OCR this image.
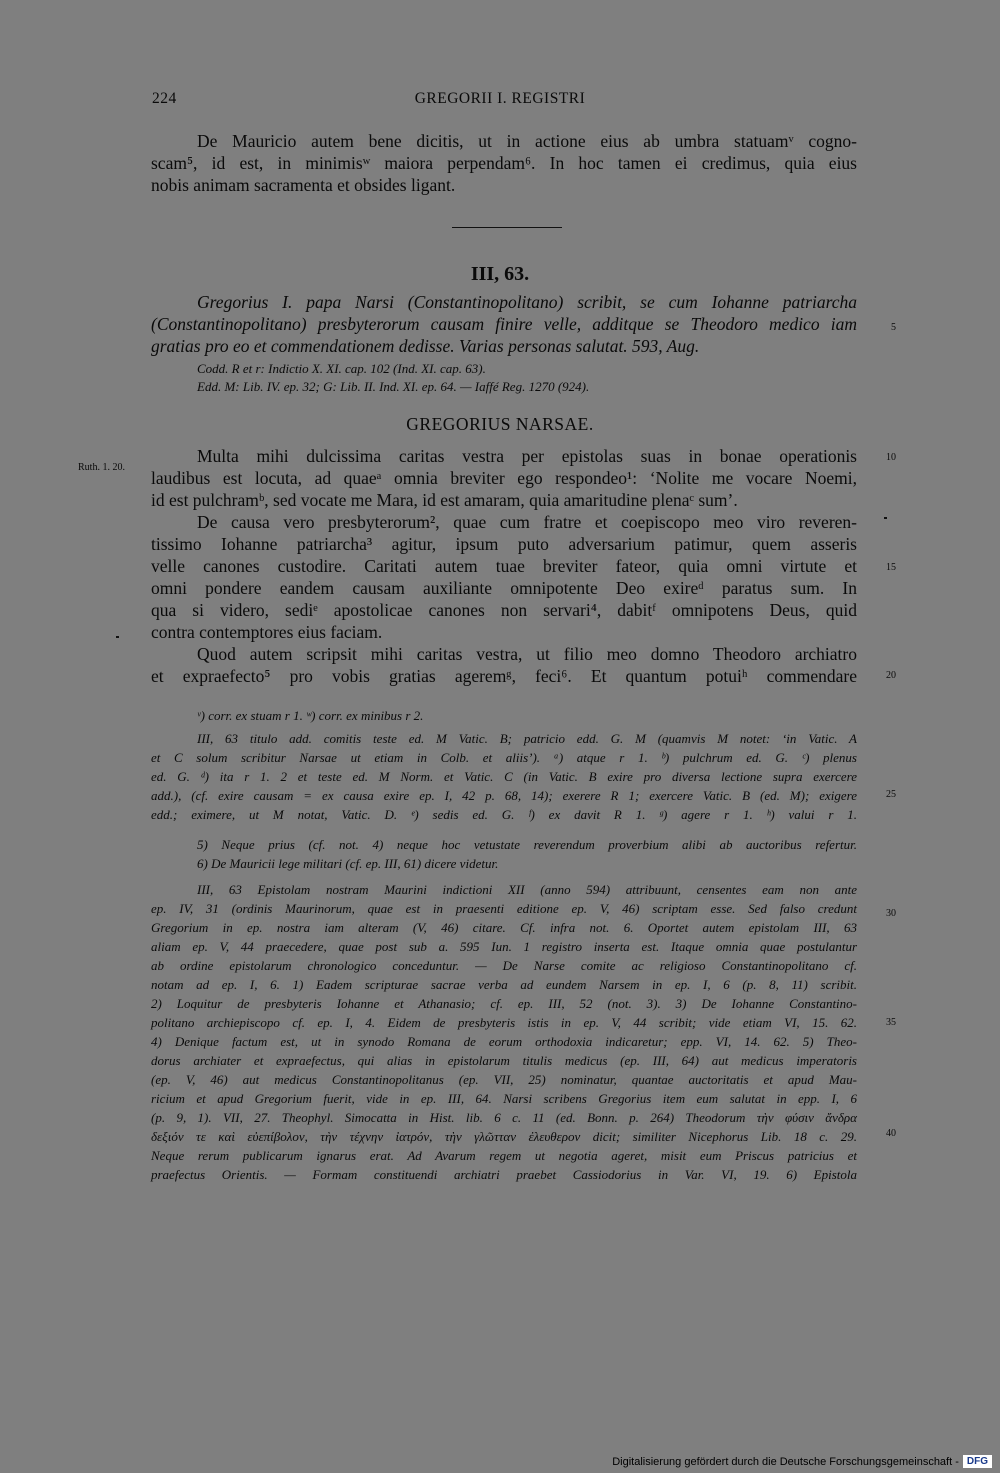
224	GREGORII I. REGISTRI
De Mauricio autem bene dicitis, ut in actione eius ab umbra statuamᵛ cogno-
scam⁵, id est, in minimisʷ maiora perpendam⁶. In hoc tamen ei credimus, quia eius
nobis animam sacramenta et obsides ligant.
III, 63.
Gregorius I. papa Narsi (Constantinopolitano) scribit, se cum Iohanne patriarcha
(Constantinopolitano) presbyterorum causam finire velle, additque se Theodoro medico iam
gratias pro eo et commendationem dedisse. Varias personas salutat. 593, Aug.
5
Codd. R et r: Indictio X. XI. cap. 102 (Ind. XI. cap. 63).
Edd. M: Lib. IV. ep. 32; G: Lib. II. Ind. XI. ep. 64. — Iaffé Reg. 1270 (924).
GREGORIUS NARSAE.
Multa mihi dulcissima caritas vestra per epistolas suas in bonae operationis
laudibus est locuta, ad quaeᵃ omnia breviter ego respondeo¹: ‘Nolite me vocare Noemi,
id est pulchramᵇ, sed vocate me Mara, id est amaram, quia amaritudine plenaᶜ sum’.
De causa vero presbyterorum², quae cum fratre et coepiscopo meo viro reveren-
tissimo Iohanne patriarcha³ agitur, ipsum puto adversarium patimur, quem asseris
velle canones custodire. Caritati autem tuae breviter fateor, quia omni virtute et
omni pondere eandem causam auxiliante omnipotente Deo exireᵈ paratus sum. In
qua si videro, sediᵉ apostolicae canones non servari⁴, dabitᶠ omnipotens Deus, quid
contra contemptores eius faciam.
Quod autem scripsit mihi caritas vestra, ut filio meo domno Theodoro archiatro
et expraefecto⁵ pro vobis gratias ageremᵍ, feci⁶. Et quantum potuiʰ commendare
Ruth. 1. 20.
10
15
20
ᵛ) corr. ex stuam r 1. ʷ) corr. ex minibus r 2.
III, 63 titulo add. comitis teste ed. M Vatic. B; patricio edd. G. M (quamvis M notet: ‘in Vatic. A
et C solum scribitur Narsae ut etiam in Colb. et aliis’). ᵃ) atque r 1. ᵇ) pulchrum ed. G. ᶜ) plenus
ed. G. ᵈ) ita r 1. 2 et teste ed. M Norm. et Vatic. C (in Vatic. B exire pro diversa lectione supra exercere
add.), (cf. exire causam = ex causa exire ep. I, 42 p. 68, 14); exerere R 1; exercere Vatic. B (ed. M); exigere
edd.; eximere, ut M notat, Vatic. D. ᵉ) sedis ed. G. ᶠ) ex davit R 1. ᵍ) agere r 1. ʰ) valui r 1.
25
5) Neque prius (cf. not. 4) neque hoc vetustate reverendum proverbium alibi ab auctoribus refertur.
6) De Mauricii lege militari (cf. ep. III, 61) dicere videtur.
III, 63 Epistolam nostram Maurini indictioni XII (anno 594) attribuunt, censentes eam non ante
ep. IV, 31 (ordinis Maurinorum, quae est in praesenti editione ep. V, 46) scriptam esse. Sed falso credunt
Gregorium in ep. nostra iam alteram (V, 46) citare. Cf. infra not. 6. Oportet autem epistolam III, 63
aliam ep. V, 44 praecedere, quae post sub a. 595 Iun. 1 registro inserta est. Itaque omnia quae postulantur
ab ordine epistolarum chronologico conceduntur. — De Narse comite ac religioso Constantinopolitano cf.
notam ad ep. I, 6. 1) Eadem scripturae sacrae verba ad eundem Narsem in ep. I, 6 (p. 8, 11) scribit.
2) Loquitur de presbyteris Iohanne et Athanasio; cf. ep. III, 52 (not. 3). 3) De Iohanne Constantino-
politano archiepiscopo cf. ep. I, 4. Eidem de presbyteris istis in ep. V, 44 scribit; vide etiam VI, 15. 62.
4) Denique factum est, ut in synodo Romana de eorum orthodoxia indicaretur; epp. VI, 14. 62. 5) Theo-
dorus archiater et expraefectus, qui alias in epistolarum titulis medicus (ep. III, 64) aut medicus imperatoris
(ep. V, 46) aut medicus Constantinopolitanus (ep. VII, 25) nominatur, quantae auctoritatis et apud Mau-
ricium et apud Gregorium fuerit, vide in ep. III, 64. Narsi scribens Gregorius item eum salutat in epp. I, 6
(p. 9, 1). VII, 27. Theophyl. Simocatta in Hist. lib. 6 c. 11 (ed. Bonn. p. 264) Theodorum τὴν φύσιν ἄνδρα
δεξιόν τε καὶ εὐεπίβολον, τὴν τέχνην ἰατρόν, τὴν γλῶτταν ἐλευθερον dicit; similiter Nicephorus Lib. 18 c. 29.
Neque rerum publicarum ignarus erat. Ad Avarum regem ut negotia ageret, misit eum Priscus patricius et
praefectus Orientis. — Formam constituendi archiatri praebet Cassiodorius in Var. VI, 19. 6) Epistola
30
35
40
Digitalisierung gefördert durch die Deutsche Forschungsgemeinschaft - DFG
